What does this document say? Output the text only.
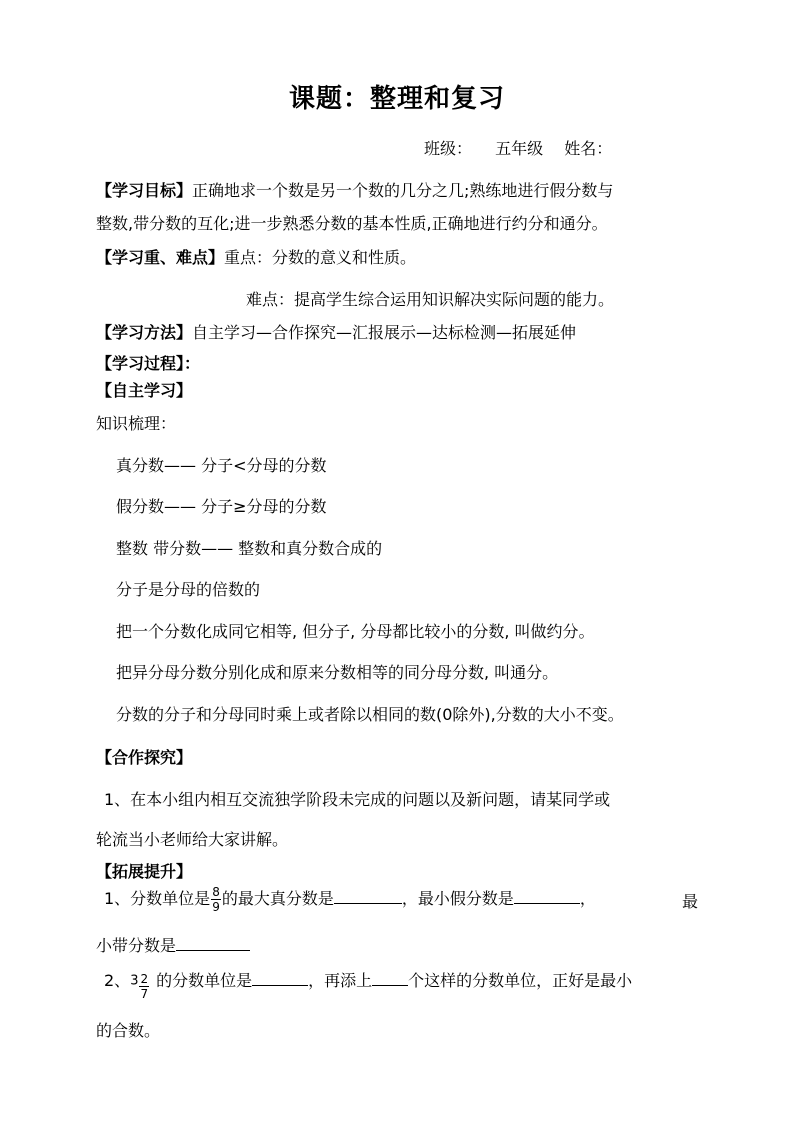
课题：整理和复习
班级： 五年级 姓名：
【学习目标】正确地求一个数是另一个数的几分之几;熟练地进行假分数与
整数,带分数的互化;进一步熟悉分数的基本性质,正确地进行约分和通分。
【学习重、难点】重点：分数的意义和性质。
难点：提高学生综合运用知识解决实际问题的能力。
【学习方法】自主学习—合作探究—汇报展示—达标检测—拓展延伸
【学习过程】：
【自主学习】
知识梳理：
真分数—— 分子<分母的分数
假分数—— 分子≥分母的分数
整数 带分数—— 整数和真分数合成的
分子是分母的倍数的
把一个分数化成同它相等, 但分子, 分母都比较小的分数, 叫做约分。
把异分母分数分别化成和原来分数相等的同分母分数, 叫通分。
分数的分子和分母同时乘上或者除以相同的数(0除外),分数的大小不变。
【合作探究】
1、在本小组内相互交流独学阶段未完成的问题以及新问题，请某同学或
轮流当小老师给大家讲解。
【拓展提升】
1、分数单位是 $\frac{8}{9}$ 的最大真分数是	，最小假分数是	，	最
小带分数是
2、$3 \frac{2}{7}$ 的分数单位是	，再添上 个这样的分数单位，正好是最小
的合数。
